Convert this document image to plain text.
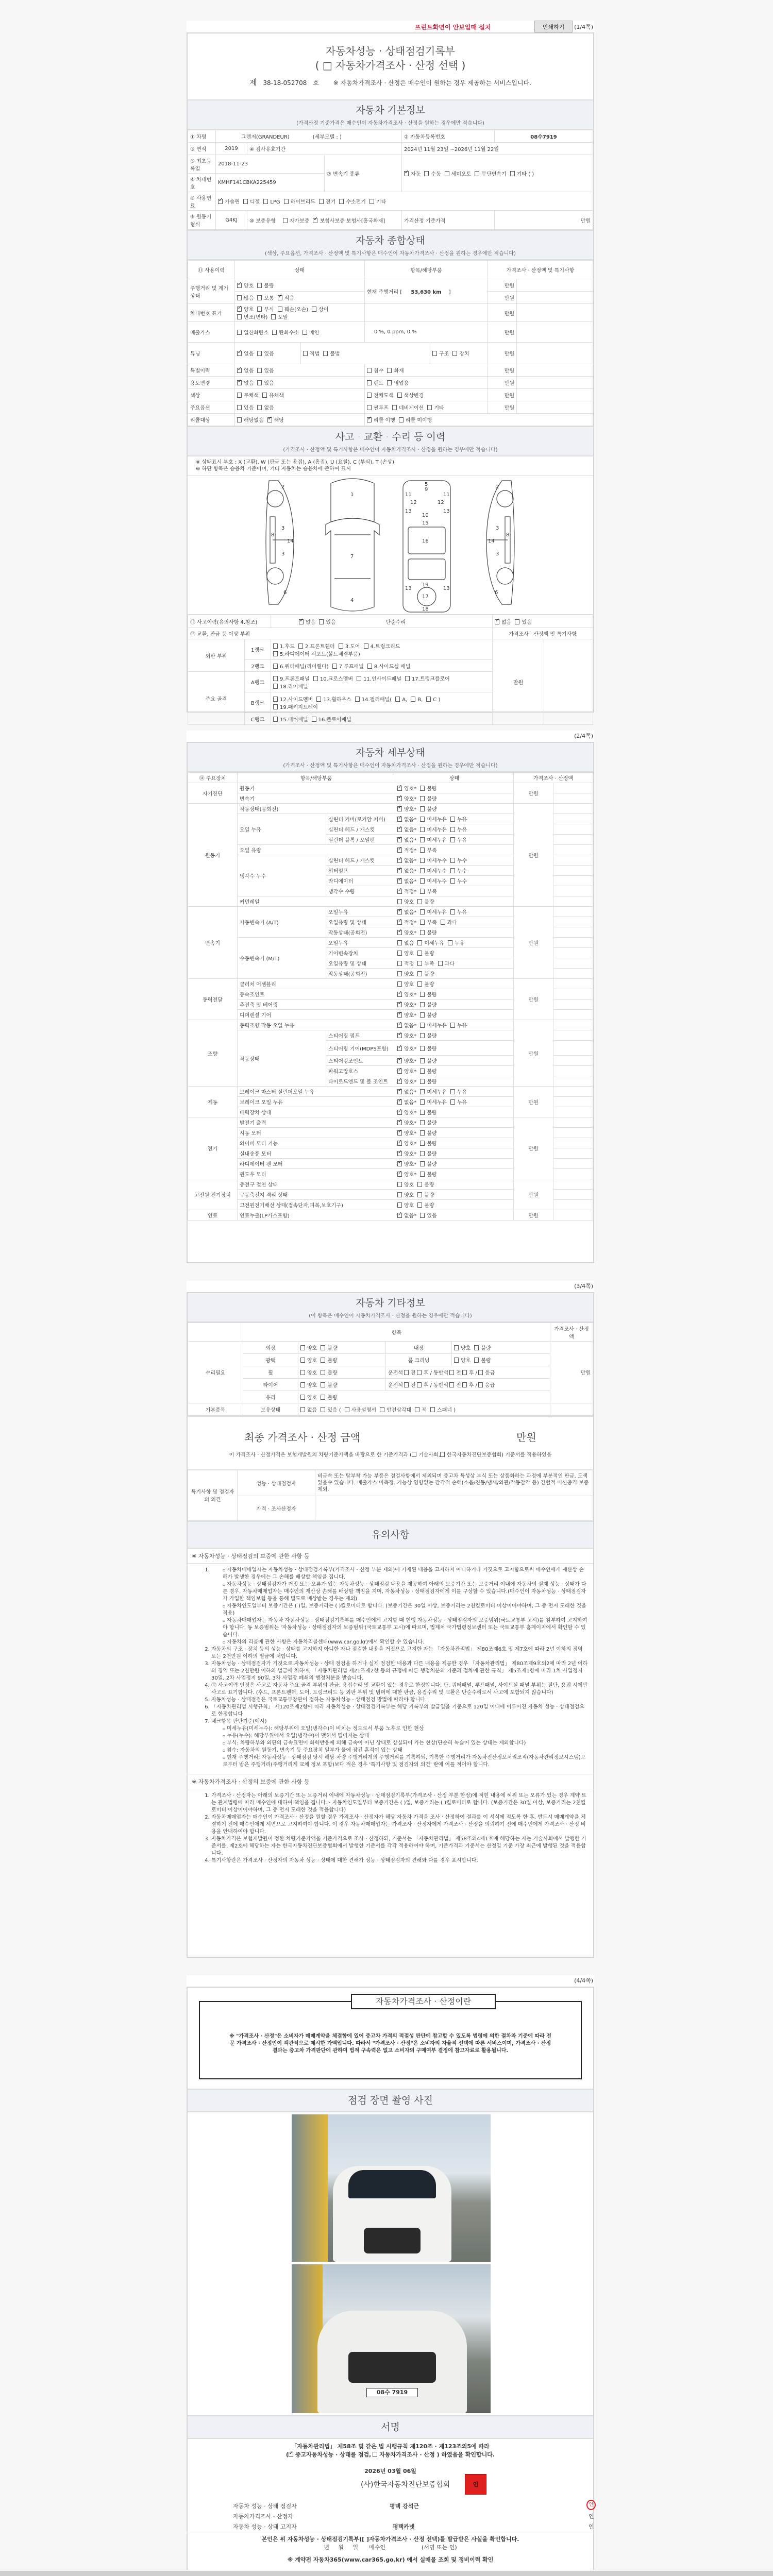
프린트화면이 안보일때 설치	인쇄하기	(1/4쪽)
자동차성능 · 상태점검기록부
( □ 자동차가격조사 · 산정 선택 )
제 38-18-052708 호 ※ 자동차가격조사 · 산정은 매수인이 원하는 경우 제공하는 서비스입니다.
자동차 기본정보
(가격산정 기준가격은 매수인이 자동차가격조사 · 산정을 원하는 경우에만 적습니다)
① 차명	그랜저(GRANDEUR) (세부모델 : )			② 자동차등록번호	08수7919
③ 연식	2019	④ 검사유효기간		2024년 11월 23일 ~2026년 11월 22일	
⑤ 최초등록일	2018-11-23		⑦ 변속기 종류	✓자동 수동 세미오토 무단변속기 기타 ( )
⑥ 차대번호	KMHF141CBKA225459				
⑧ 사용연료	✓가솔린 디젤 LPG 하이브리드 전기 수소전기 기타
⑨ 원동기형식	G4KJ	⑩ 보증유형 자가보증 ✓ 보험사보증 보험사[흥국화재]		가격산정 기준가격	만원
자동차 종합상태
(색상, 주요옵션, 가격조사 · 산정액 및 특기사항은 매수인이 자동차가격조사 · 산정을 원하는 경우에만 적습니다)
⑪ 사용이력	상태		항목/해당부품		가격조사 · 산정액 및 특기사항	
주행거리 및 계기상태	✓양호 불량		현재 주행거리 [ 53,630 km ]		만원	
	많음 보통 ✓ 적음				만원	
차대번호 표기	✓양호 부식 훼손(오손) 상이변조(변타) 도말				만원	
배출가스	일산화탄소 탄화수소 매연		0 %, 0 ppm, 0 %		만원	
튜닝	✓없음 있음	적법 불법		구조 장치	만원	
특별이력	✓없음 있음		침수 화재		만원	
용도변경	✓없음 있음		렌트 영업용		만원	
색상	무채색 유채색		전체도색 색상변경		만원	
주요옵션	있음 없음		썬루프 네비게이션 기타		만원	
리콜대상	해당없음 ✓ 해당	✓리콜 이행 리콜 미이행
사고 · 교환 · 수리 등 이력
(가격조사 · 산정액 및 특기사항은 매수인이 자동차가격조사 · 산정을 원하는 경우에만 적습니다)
※ 상태표시 부호 : X (교환), W (판금 또는 용접), A (흠집), U (요철), C (부식), T (손상)
※ 하단 항목은 승용차 기준이며, 기타 자동차는 승용차에 준하여 표시
2
3
3
8
14
6
1
7
4
5
9
10
15
16
19
17
18
11	11
12	12
13	13
13	13
2
3
3
8
14
6
⑫ 사고이력(유의사항 4.참조)	✓없음 있음 단순수리	✓없음 있음
⑬ 교환, 판금 등 이상 부위			가격조사 · 산정액 및 특기사항	
외판 부위	1랭크	1.후드 2.프론트휀더 3.도어 4.트렁크리드5.라디에이터 서포트(볼트체결부품)	만원	
	2랭크	6.쿼터패널(리어휀다) 7.루프패널 8.사이드실 패널		
주요 골격	A랭크	9.프론트패널 10.크로스멤버 11.인사이드패널 17.트렁크플로어18.리어패널		
	B랭크	12.사이드멤버 13.휠하우스 14.필러패널( A, B, C )19.패키지트레이		
	C랭크	15.대쉬패널 16.플로어패널		
(2/4쪽)
자동차 세부상태
(가격조사 · 산정액 및 특기사항은 매수인이 자동차가격조사 · 산정을 원하는 경우에만 적습니다)
⑭ 주요장치	항목/해당부품		상태	가격조사 · 산정액	
자기진단	원동기	✓양호* 불량	만원	
	변속기	✓양호* 불량	
원동기	작동상태(공회전)	✓양호* 불량	만원	
	오일 누유	실린더 커버(로커암 커버)	✓없음* 미세누유 누유	
		실린더 헤드 / 개스킷	✓없음* 미세누유 누유	
		실린더 블록 / 오일팬	✓없음* 미세누유 누유	
	오일 유량	✓적정* 부족	
	냉각수 누수	실린더 헤드 / 개스킷	✓없음* 미세누수 누수	
		워터펌프	✓없음* 미세누수 누수	
		라디에이터	✓없음* 미세누수 누수	
		냉각수 수량	✓적정* 부족	
	커먼레일		양호 불량		
변속기	자동변속기 (A/T)	오일누유	✓없음* 미세누유 누유	만원	
		오일유량 및 상태	✓적정* 부족 과다	
		작동상태(공회전)	✓양호* 불량	
	수동변속기 (M/T)	오일누유	없음 미세누유 누유		
		기어변속장치	양호 불량		
		오일유량 및 상태	적정 부족 과다		
		작동상태(공회전)	양호 불량		
동력전달	클러치 어셈블리		양호 불량	만원	
	등속조인트	✓양호* 불량	
	추진축 및 베어링	✓양호* 불량	
	디퍼렌셜 기어	✓양호* 불량	
조향	동력조향 작동 오일 누유	✓없음* 미세누유 누유	만원	
	작동상태	스티어링 펌프	✓양호* 불량	
		스티어링 기어(MDPS포함)	✓양호* 불량	
		스티어링조인트	✓양호* 불량	
		파워고압호스	✓양호* 불량	
		타이로드엔드 및 볼 조인트	✓양호* 불량	
제동	브레이크 마스터 실린더오일 누유	✓없음* 미세누유 누유	만원	
	브레이크 오일 누유	✓없음* 미세누유 누유	
	배력장치 상태	✓양호* 불량	
전기	발전기 출력	✓양호* 불량	만원	
	시동 모터	✓양호* 불량	
	와이퍼 모터 기능	✓양호* 불량	
	실내송풍 모터	✓양호* 불량	
	라디에이터 팬 모터	✓양호* 불량	
	윈도우 모터	✓양호* 불량	
고전원 전기장치	충전구 절연 상태		양호 불량	만원	
	구동축전지 격리 상태		양호 불량		
	고전원전기배선 상태(접속단자,피복,보호기구)		양호 불량		
연료	연료누출(LP가스포함)	✓없음* 있음	만원	
(3/4쪽)
자동차 기타정보
(이 항목은 매수인이 자동차가격조사 · 산정을 원하는 경우에만 적습니다)
	항목				가격조사 · 산정액
수리필요	외장	양호 불량	내장	양호 불량	만원
	광택	양호 불량	룸 크리닝	양호 불량	
	휠	양호 불량	운전석 전 후 / 동반석 전 후 / 응급		
	타이어	양호 불량	운전석 전 후 / 동반석 전 후 / 응급		
	유리	양호 불량			
기본품목	보유상태	없음 있음 ( 사용설명서 안전삼각대 잭 스패너 )			
최종 가격조사 · 산정 금액	만원
이 가격조사 · 산정가격은 보험개발원의 차량기준가액을 바탕으로 한 기준가격과 ( 기술사회, 한국자동차진단보증협회) 기준서를 적용하였음
특기사항 및 점검자의 의견	성능 · 상태점검자	비금속 또는 탈부착 가능 부품은 점검사항에서 제외되며 중고차 특성상 부식 또는 상품화하는 과정에 부분적인 판금, 도색 있을수 있습니다. 배출가스 미측정. 기능상 영향없는 감각적 손해(소음/진동/냄새/외관/작동감각 등) 간헐적 미션충격 보증제외.
	가격 · 조사산정자	
유의사항
※ 자동차성능 · 상태점검의 보증에 관한 사항 등
▫ 1. 자동차매매업자는 자동차성능 · 상태점검기록부(가격조사 · 산정 부분 제외)에 기재된 내용을 고지하지 아니하거나 거짓으로 고지함으로써 매수인에게 재산상 손해가 발생한 경우에는 그 손해를 배상할 책임을 집니다.
▫ 자동차성능 · 상태점검자가 거짓 또는 오류가 있는 자동차성능 · 상태점검 내용을 제공하여 아래의 보증기간 또는 보증거리 이내에 자동차의 실제 성능 · 상태가 다른 경우, 자동차매매업자는 매수인의 재산상 손해를 배상할 책임을 지며, 자동차성능 · 상태점검자에게 이를 구상할 수 있습니다.(매수인이 자동차성능 · 상태점검자가 가입한 책임보험 등을 통해 별도로 배상받는 경우는 제외)
▫ 자동차인도일부터 보증기간은 ( )일, 보증거리는 ( )킬로미터로 합니다. (보증기간은 30일 이상, 보증거리는 2천킬로미터 이상이어야하며, 그 중 먼저 도래한 것을 적용)
▫ 자동차매매업자는 자동차 자동차성능 · 상태점검기록부를 매수인에게 고지할 때 현행 자동차성능 · 상태점검자의 보증범위(국토교통부 고시)를 첨부하여 고지하여야 합니다. 동 보증범위는 '자동차성능 · 상태점검자의 보증범위'(국토교통부 고시)에 따르며, 법제처 국가법령정보센터 또는 국토교통부 홈페이지에서 확인할 수 있습니다.
▫ 자동차의 리콜에 관한 사항은 자동차리콜센터(www.car.go.kr)에서 확인할 수 있습니다.
2. 자동차의 구조 · 장치 등의 성능 · 상태를 고지하지 아니한 자나 점검한 내용을 거짓으로 고지한 자는 「자동차관리법」 제80조제6호 및 제7호에 따라 2년 이하의 징역 또는 2천만원 이하의 벌금에 처합니다.
3. 자동차성능 · 상태점검자가 거짓으로 자동차성능 · 상태 점검을 하거나 실제 점검한 내용과 다른 내용을 제공한 경우 「자동차관리법」 제80조제9호의2에 따라 2년 이하의 징역 또는 2천만원 이하의 벌금에 처하며, 「자동차관리법 제21조제2항 등의 규정에 따른 행정처분의 기준과 절차에 관한 규칙」 제5조제1항에 따라 1차 사업정지 30일, 2차 사업정지 90일, 3차 사업장 폐쇄의 행정처분을 받습니다.
4. ⑫ 사고이력 인정은 사고로 자동차 주요 골격 부위의 판금, 용접수리 및 교환이 있는 경우로 한정합니다. 단, 쿼터패널, 루프패널, 사이드실 패널 부위는 절단, 용접 시에만 사고로 표기합니다. (후드, 프론트펜더, 도어, 트렁크리드 등 외판 부위 및 범퍼에 대한 판금, 용접수리 및 교환은 단순수리로서 사고에 포함되지 않습니다)
5. 자동차성능 · 상태점검은 국토교통부장관이 정하는 자동차성능 · 상태점검 방법에 따라야 합니다.
6. 「자동차관리법 시행규칙」 제120조제2항에 따라 자동차성능 · 상태점검기록부는 해당 기록부의 발급일을 기준으로 120일 이내에 이루어진 자동차 성능 · 상태점검으로 한정합니다
7. 체크항목 판단기준(예시)
▫ 미세누유(미세누수): 해당부위에 오일(냉각수)이 비치는 정도로서 부품 노후로 인한 현상
▫ 누유(누수): 해당부위에서 오일(냉각수)이 맺혀서 떨어지는 상태
▫ 부식: 차량하부와 외판의 금속표면이 화학반응에 의해 금속이 아닌 상태로 상실되어 가는 현상(단순히 녹슬어 있는 상태는 제외합니다)
▫ 침수: 자동차의 원동기, 변속기 등 주요장치 일부가 물에 잠긴 흔적이 있는 상태
▫ 현재 주행거리: 자동차성능 · 상태점검 당시 해당 차량 주행거리계의 주행거리를 기록하되, 기록한 주행거리가 자동차전산정보처리조직(자동차관리정보시스템)으로부터 받은 주행거리(주행거리계 교체 정보 포함)보다 적은 경우 '특기사항 및 점검자의 의견' 란에 이를 적어야 합니다.
※ 자동차가격조사 · 산정의 보증에 관한 사항 등
1. 가격조사 · 산정자는 아래의 보증기간 또는 보증거리 이내에 자동차성능 · 상태점검기록부(가격조사 · 산정 부분 한정)에 적힌 내용에 허위 또는 오류가 있는 경우 계약 또는 관계법령에 따라 매수인에 대하여 책임을 집니다. · 자동차인도일부터 보증기간은 ( )일, 보증거리는 ( )킬로미터로 합니다. (보증기간은 30일 이상, 보증거리는 2천킬로미터 이상이어야하며, 그 중 먼저 도래한 것을 적용합니다)
2. 자동차매매업자는 매수인이 가격조사 · 산정을 원할 경우 가격조사 · 산정자가 해당 자동차 가격을 조사 · 산정하여 결과를 이 서식에 적도록 한 후, 반드시 매매계약을 체결하기 전에 매수인에게 서면으로 고지하여야 합니다. 이 경우 자동차매매업자는 가격조사 · 산정자에게 가격조사 · 산정을 의뢰하기 전에 매수인에게 가격조사 · 산정 비용을 안내하여야 합니다.
3. 자동차가격은 보험개발원이 정한 차량기준가액을 기준가격으로 조사 · 산정하되, 기준서는 「자동차관리법」 제58조의4제1호에 해당하는 자는 기술사회에서 발행한 기준서를, 제2호에 해당하는 자는 한국자동차진단보증협회에서 발행한 기준서를 각각 적용하여야 하며, 기준가격과 기준서는 산정일 기준 가장 최근에 발행된 것을 적용합니다.
4. 특기사항란은 가격조사 · 산정자의 자동차 성능 · 상태에 대한 견해가 성능 · 상태점검자의 견해와 다를 경우 표시합니다.
(4/4쪽)
자동차가격조사 · 산정이란
※ "가격조사 · 산정"은 소비자가 매매계약을 체결함에 있어 중고차 가격의 적절성 판단에 참고할 수 있도록 법령에 의한 절차와 기준에 따라 전문 가격조사 · 산정인이 객관적으로 제시한 가액입니다. 따라서 "가격조사 · 산정"은 소비자의 자율적 선택에 따른 서비스이며, 가격조사 · 산정 결과는 중고차 가격판단에 관하여 법적 구속력은 없고 소비자의 구매여부 결정에 참고자료로 활용됩니다.
점검 장면 촬영 사진
08수 7919
서명
「자동차관리법」 제58조 및 같은 법 시행규칙 제120조 · 제123조의5에 따라
( ✓ 중고자동차성능 · 상태를 점검, 자동차가격조사 · 산정 ) 하였음을 확인합니다.
2026년 03월 06일
(사)한국자동차진단보증협회	인
자동차 성능 · 상태 점검자	평택 강석근	인
자동차가격조사 · 산정자	인
자동차 성능 · 상태 고지자	평택카넷	인
본인은 위 자동차성능 · 상태점검기록부([ ]자동차가격조사 · 산정 선택)를 발급받은 사실을 확인합니다.
년     월     일      매수인                    (서명 또는 인)
※ 계약전 자동차365(www.car365.go.kr) 에서 실매물 조회 및 정비이력 확인
